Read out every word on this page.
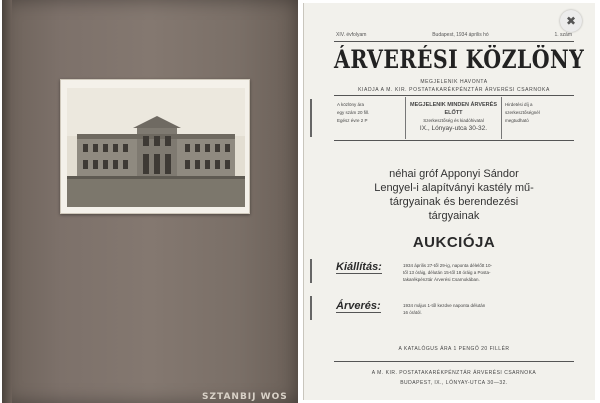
SZTANBIJ WOS
XIV. évfolyam	Budapest, 1934 április hó	1. szám
ÁRVERÉSI KÖZLÖNY
MEGJELENIK HAVONTA
KIADJA A M. KIR. POSTATAKARÉKPÉNZTÁR ÁRVERÉSI CSARNOKA
A közlöny ára
egy szám 20 fill.
Egész évre 2 P
MEGJELENIK MINDEN ÁRVERÉS ELŐTT
Szerkesztőség és kiadóhivatal
IX., Lónyay-utca 30-32.
Hirdetési díj a
szerkesztőségnél
megtudható
néhai gróf Apponyi Sándor
Lengyel-i alapítványi kastély mű-
tárgyainak és berendezési
tárgyainak
AUKCIÓJA
Kiállítás:	1934 április 27-től 29-ig, naponta délelőtt 10-
től 13 óráig, délután 15-től 18 óráig a Posta-
takarékpénztár Árverési Csarnokában.
Árverés:	1934 május 1-től kezdve naponta délután
16 órától.
A KATALÓGUS ÁRA 1 PENGŐ 20 FILLÉR
A M. KIR. POSTATAKARÉKPÉNZTÁR ÁRVERÉSI CSARNOKA
BUDAPEST, IX., LÓNYAY-UTCA 30—32.
✖
